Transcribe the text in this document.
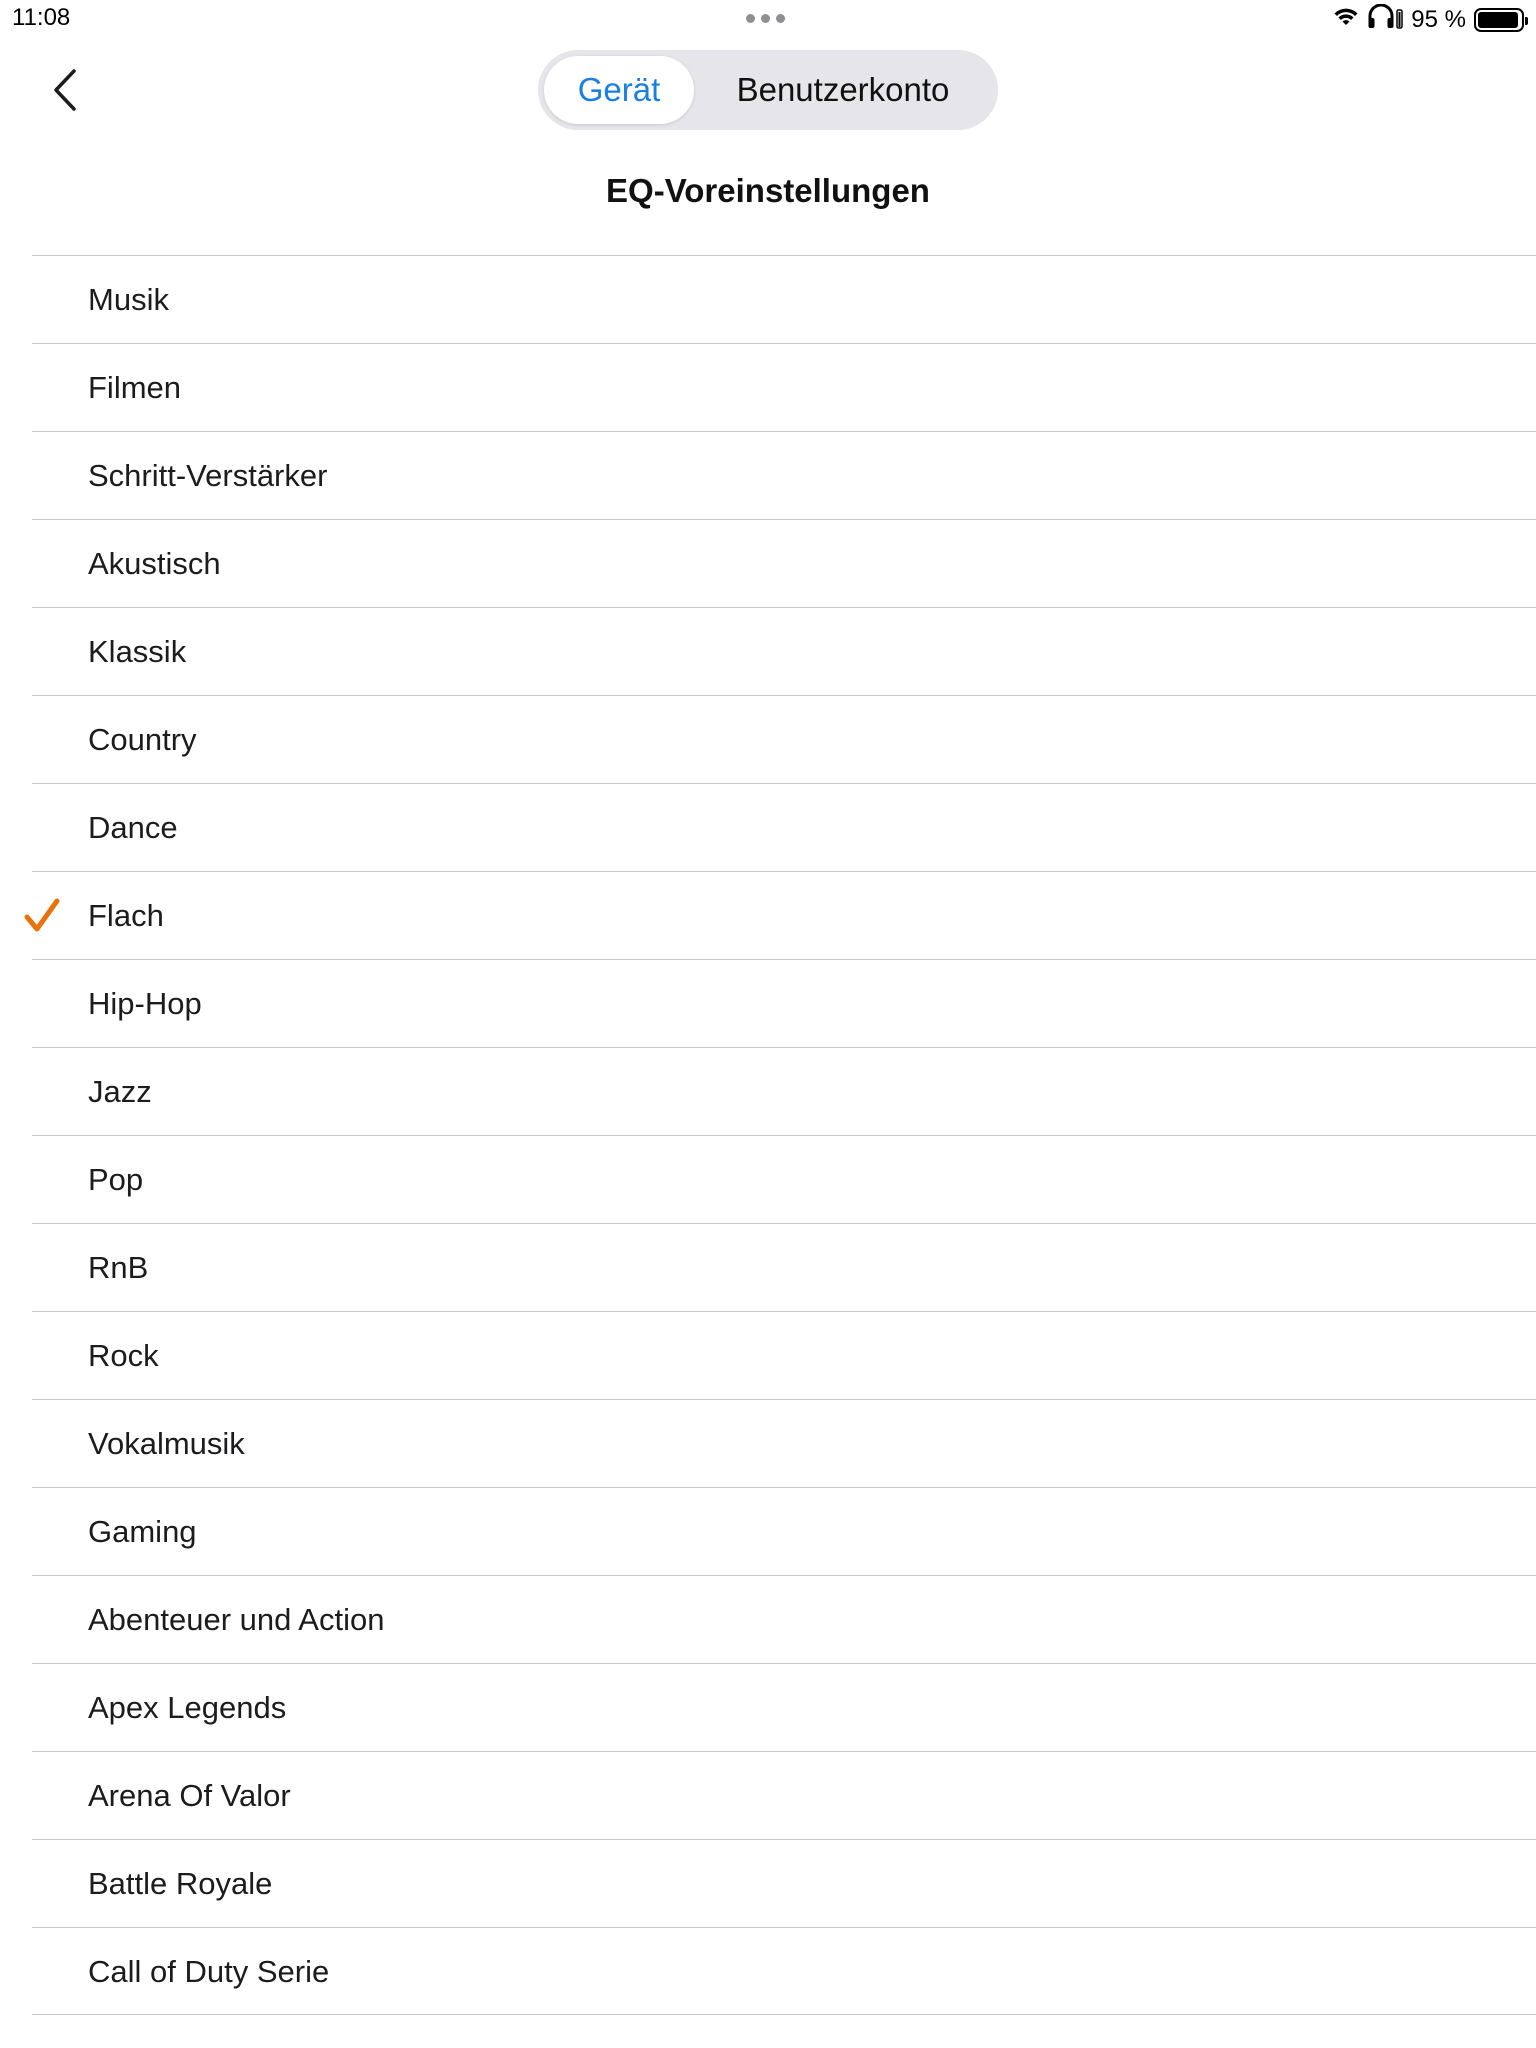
11:08	95 %
Gerät	Benutzerkonto
EQ-Voreinstellungen
Musik
Filmen
Schritt-Verstärker
Akustisch
Klassik
Country
Dance
Flach
Hip-Hop
Jazz
Pop
RnB
Rock
Vokalmusik
Gaming
Abenteuer und Action
Apex Legends
Arena Of Valor
Battle Royale
Call of Duty Serie
